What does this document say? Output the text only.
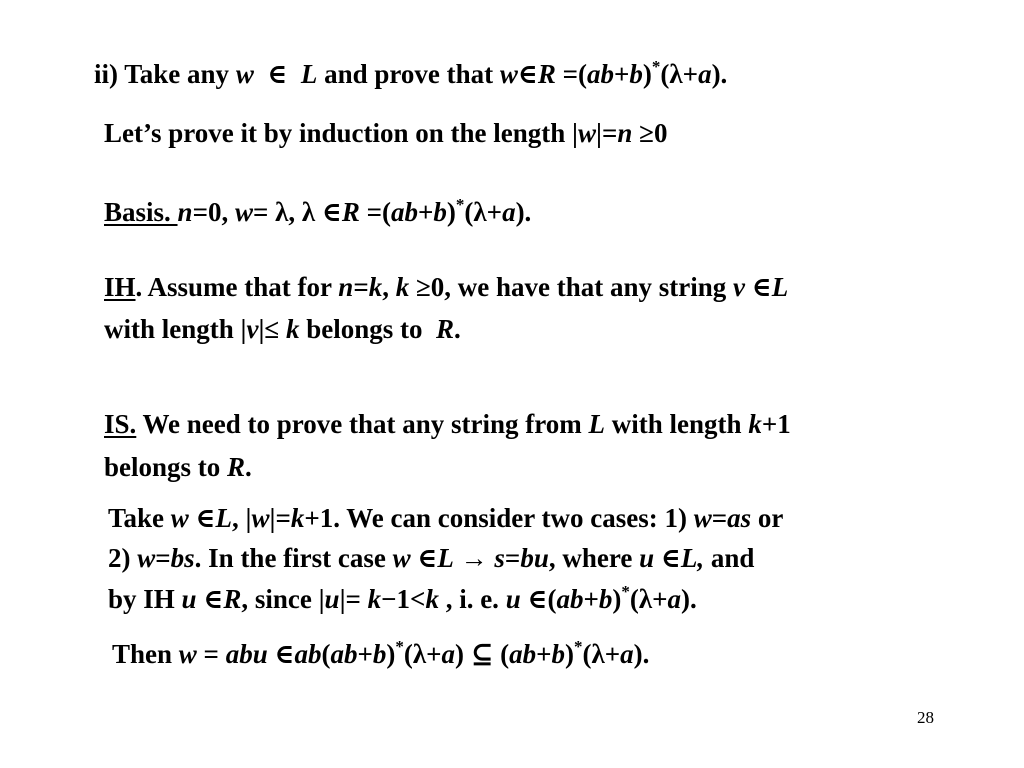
ii) Take any w  ∈  L and prove that w∈R =(ab+b)*(λ+a).
Let’s prove it by induction on the length |w|=n ≥0
Basis. n=0, w= λ, λ ∈R =(ab+b)*(λ+a).
IH. Assume that for n=k, k ≥0, we have that any string v ∈L
with length |v|≤ k belongs to  R.
IS. We need to prove that any string from L with length k+1
belongs to R.
Take w ∈L, |w|=k+1. We can consider two cases: 1) w=as or
2) w=bs. In the first case w ∈L → s=bu, where u ∈L, and
by IH u ∈R, since |u|= k−1<k , i. e. u ∈(ab+b)*(λ+a).
Then w = abu ∈ab(ab+b)*(λ+a) ⊆ (ab+b)*(λ+a).
28
